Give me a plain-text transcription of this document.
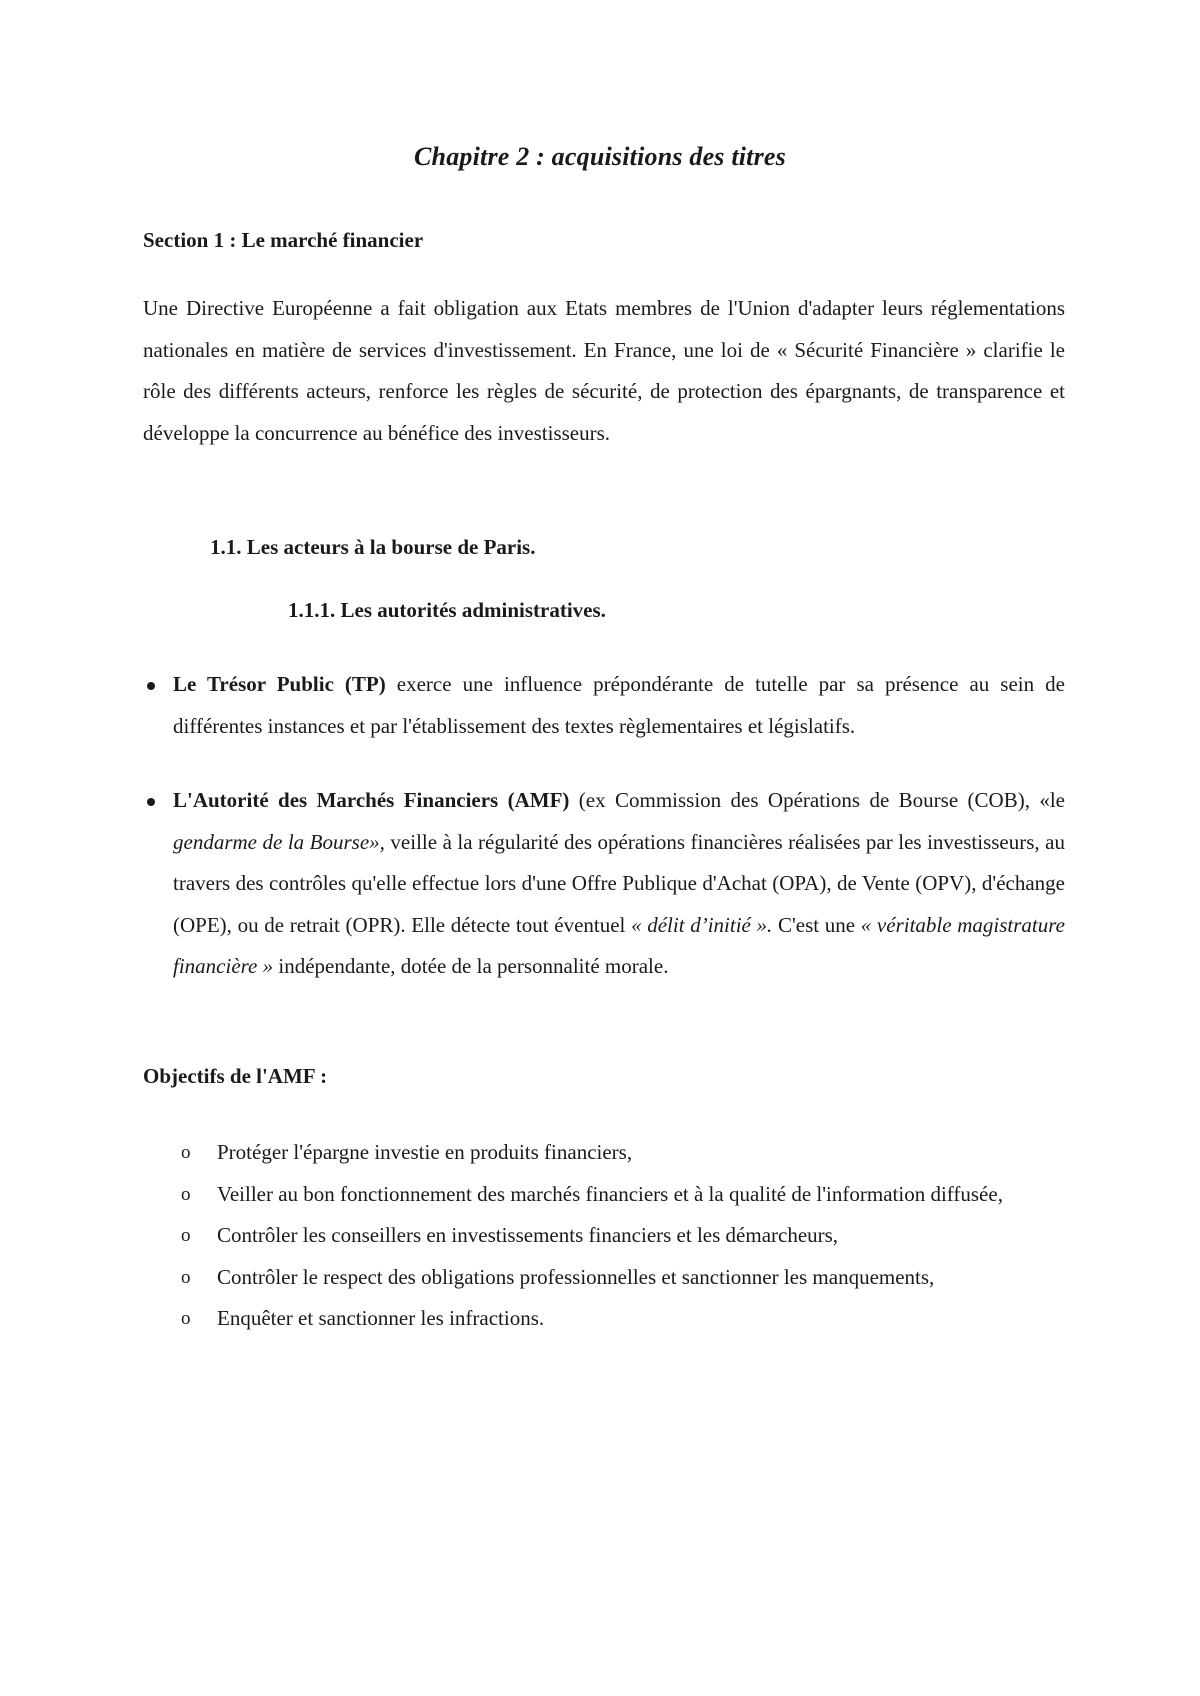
Chapitre 2 : acquisitions des titres
Section 1 : Le marché financier

Une Directive Européenne a fait obligation aux Etats membres de l'Union d'adapter leurs réglementations nationales en matière de services d'investissement. En France, une loi de « Sécurité Financière » clarifie le rôle des différents acteurs, renforce les règles de sécurité, de protection des épargnants, de transparence et développe la concurrence au bénéfice des investisseurs.

1.1. Les acteurs à la bourse de Paris.
1.1.1. Les autorités administratives.
Le Trésor Public (TP) exerce une influence prépondérante de tutelle par sa présence au sein de différentes instances et par l'établissement des textes règlementaires et législatifs.
L'Autorité des Marchés Financiers (AMF) (ex Commission des Opérations de Bourse (COB), «le gendarme de la Bourse», veille à la régularité des opérations financières réalisées par les investisseurs, au travers des contrôles qu'elle effectue lors d'une Offre Publique d'Achat (OPA), de Vente (OPV), d'échange (OPE), ou de retrait (OPR). Elle détecte tout éventuel « délit d’initié ». C'est une « véritable magistrature financière » indépendante, dotée de la personnalité morale.
Objectifs de l'AMF :
o Protéger l'épargne investie en produits financiers,
o Veiller au bon fonctionnement des marchés financiers et à la qualité de l'information diffusée,
o Contrôler les conseillers en investissements financiers et les démarcheurs,
o Contrôler le respect des obligations professionnelles et sanctionner les manquements,
o Enquêter et sanctionner les infractions.
